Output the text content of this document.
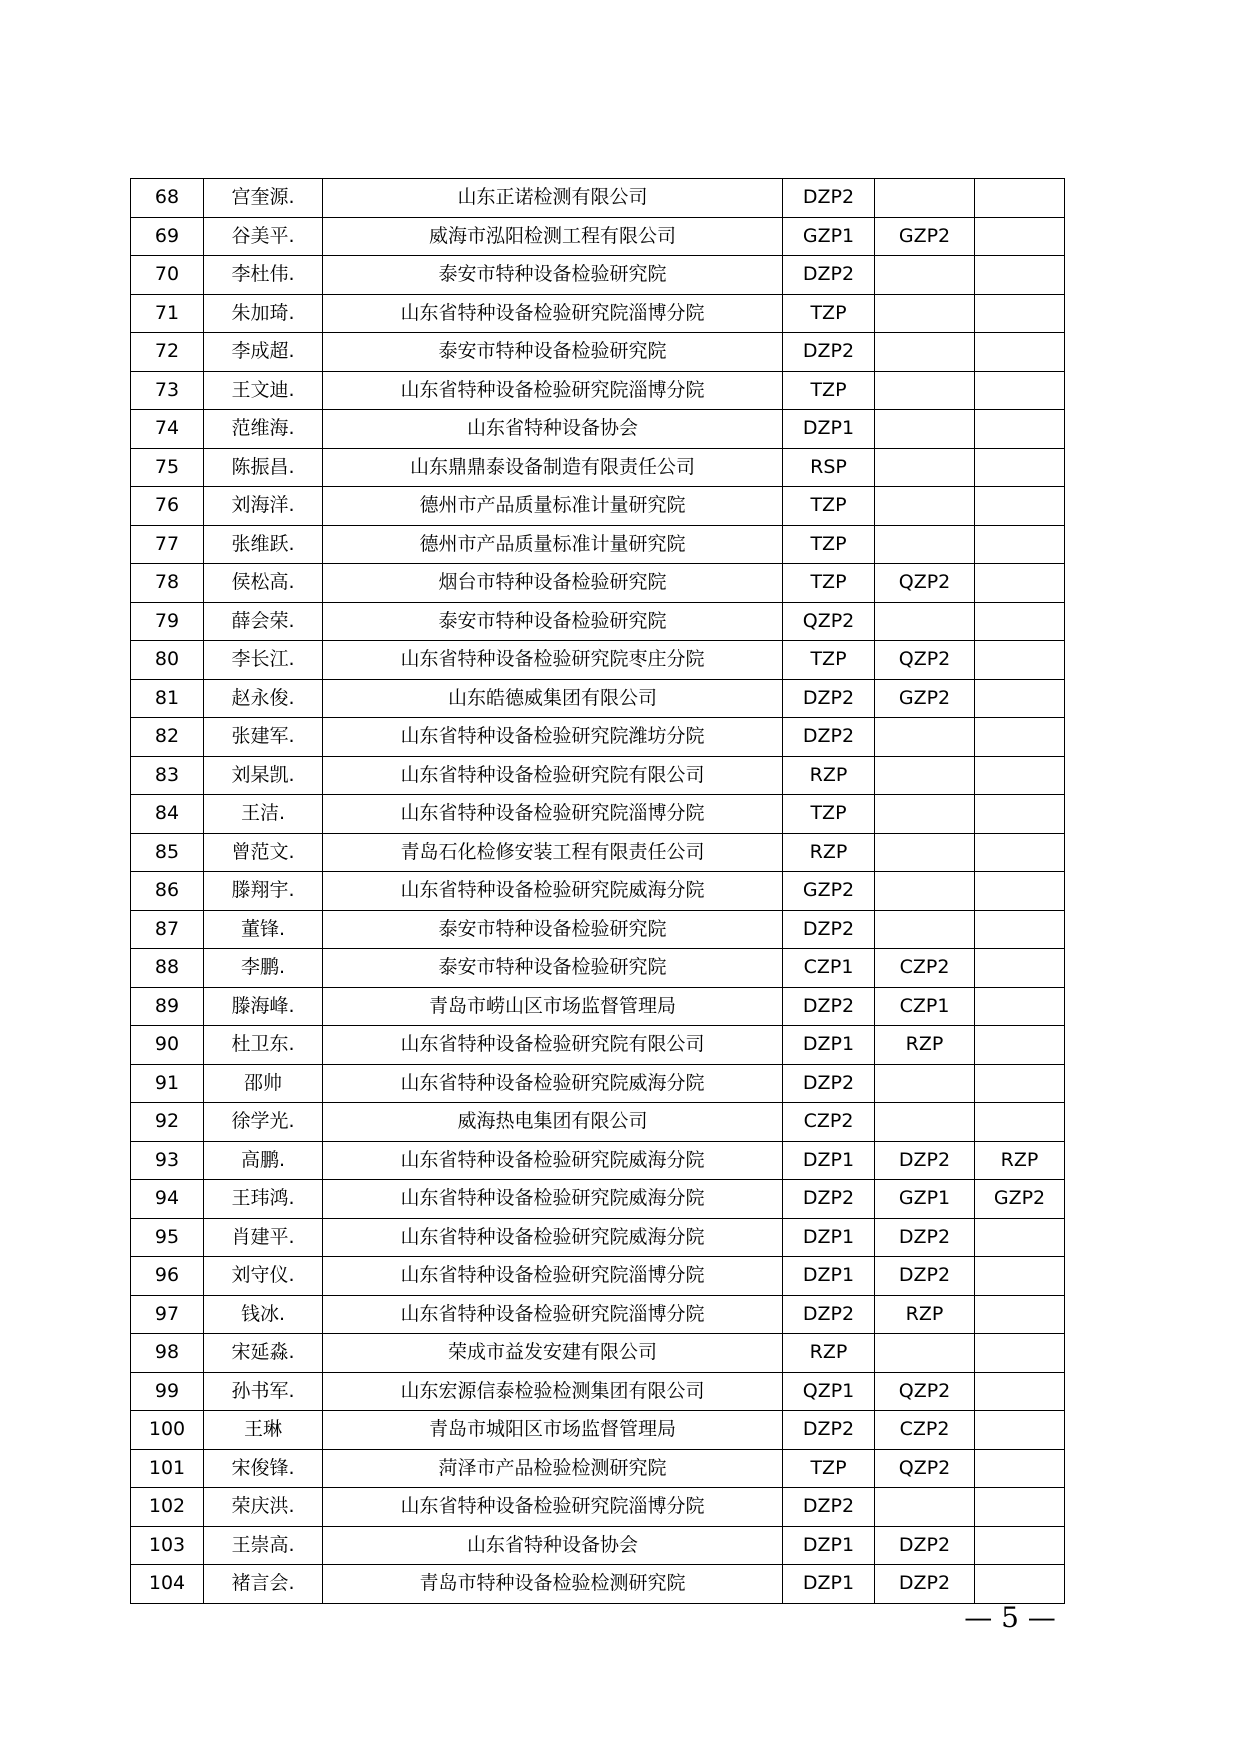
68	宫奎源.	山东正诺检测有限公司	DZP2		
69	谷美平.	威海市泓阳检测工程有限公司	GZP1	GZP2	
70	李杜伟.	泰安市特种设备检验研究院	DZP2		
71	朱加琦.	山东省特种设备检验研究院淄博分院	TZP		
72	李成超.	泰安市特种设备检验研究院	DZP2		
73	王文迪.	山东省特种设备检验研究院淄博分院	TZP		
74	范维海.	山东省特种设备协会	DZP1		
75	陈振昌.	山东鼎鼎泰设备制造有限责任公司	RSP		
76	刘海洋.	德州市产品质量标准计量研究院	TZP		
77	张维跃.	德州市产品质量标准计量研究院	TZP		
78	侯松高.	烟台市特种设备检验研究院	TZP	QZP2	
79	薛会荣.	泰安市特种设备检验研究院	QZP2		
80	李长江.	山东省特种设备检验研究院枣庄分院	TZP	QZP2	
81	赵永俊.	山东皓德威集团有限公司	DZP2	GZP2	
82	张建军.	山东省特种设备检验研究院潍坊分院	DZP2		
83	刘杲凯.	山东省特种设备检验研究院有限公司	RZP		
84	王洁.	山东省特种设备检验研究院淄博分院	TZP		
85	曾范文.	青岛石化检修安装工程有限责任公司	RZP		
86	滕翔宇.	山东省特种设备检验研究院威海分院	GZP2		
87	董锋.	泰安市特种设备检验研究院	DZP2		
88	李鹏.	泰安市特种设备检验研究院	CZP1	CZP2	
89	滕海峰.	青岛市崂山区市场监督管理局	DZP2	CZP1	
90	杜卫东.	山东省特种设备检验研究院有限公司	DZP1	RZP	
91	邵帅	山东省特种设备检验研究院威海分院	DZP2		
92	徐学光.	威海热电集团有限公司	CZP2		
93	高鹏.	山东省特种设备检验研究院威海分院	DZP1	DZP2	RZP
94	王玮鸿.	山东省特种设备检验研究院威海分院	DZP2	GZP1	GZP2
95	肖建平.	山东省特种设备检验研究院威海分院	DZP1	DZP2	
96	刘守仪.	山东省特种设备检验研究院淄博分院	DZP1	DZP2	
97	钱冰.	山东省特种设备检验研究院淄博分院	DZP2	RZP	
98	宋延淼.	荣成市益发安建有限公司	RZP		
99	孙书军.	山东宏源信泰检验检测集团有限公司	QZP1	QZP2	
100	王琳	青岛市城阳区市场监督管理局	DZP2	CZP2	
101	宋俊锋.	菏泽市产品检验检测研究院	TZP	QZP2	
102	荣庆洪.	山东省特种设备检验研究院淄博分院	DZP2		
103	王崇高.	山东省特种设备协会	DZP1	DZP2	
104	褚言会.	青岛市特种设备检验检测研究院	DZP1	DZP2	
— 5 —
